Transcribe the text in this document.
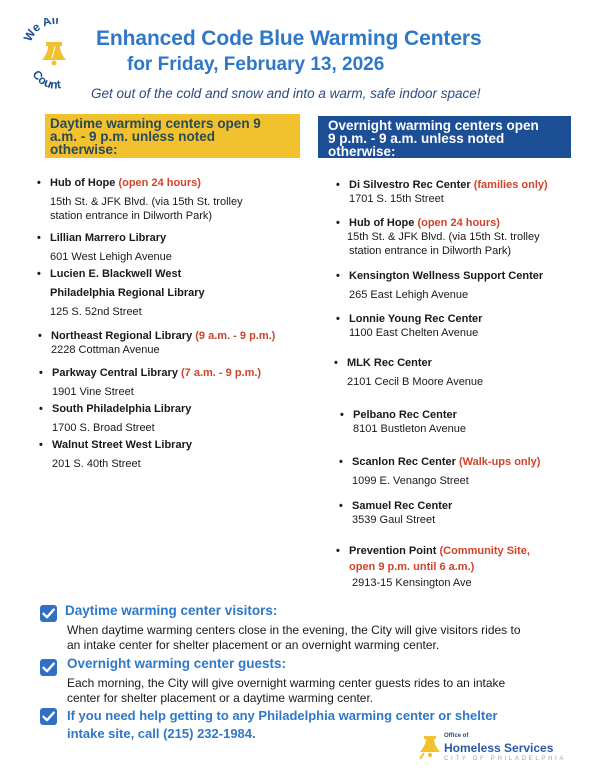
We All
Count
Enhanced Code Blue Warming Centers
for Friday, February 13, 2026
Get out of the cold and snow and into a warm, safe indoor space!
Daytime warming centers open 9
a.m. - 9 p.m. unless noted
otherwise:
Overnight warming centers open
9 p.m. - 9 a.m. unless noted
otherwise:
• Hub of Hope (open 24 hours)
15th St. & JFK Blvd. (via 15th St. trolley
station entrance in Dilworth Park)
• Lillian Marrero Library
601 West Lehigh Avenue
• Lucien E. Blackwell West
Philadelphia Regional Library
125 S. 52nd Street
• Northeast Regional Library (9 a.m. - 9 p.m.)
2228 Cottman Avenue
• Parkway Central Library (7 a.m. - 9 p.m.)
1901 Vine Street
• South Philadelphia Library
1700 S. Broad Street
• Walnut Street West Library
201 S. 40th Street
• Di Silvestro Rec Center (families only)
1701 S. 15th Street
• Hub of Hope (open 24 hours)
15th St. & JFK Blvd. (via 15th St. trolley
station entrance in Dilworth Park)
• Kensington Wellness Support Center
265 East Lehigh Avenue
• Lonnie Young Rec Center
1100 East Chelten Avenue
• MLK Rec Center
2101 Cecil B Moore Avenue
• Pelbano Rec Center
8101 Bustleton Avenue
• Scanlon Rec Center (Walk-ups only)
1099 E. Venango Street
• Samuel Rec Center
3539 Gaul Street
• Prevention Point (Community Site,
open 9 p.m. until 6 a.m.)
2913-15 Kensington Ave
Daytime warming center visitors:
When daytime warming centers close in the evening, the City will give visitors rides to
an intake center for shelter placement or an overnight warming center.
Overnight warming center guests:
Each morning, the City will give overnight warming center guests rides to an intake
center for shelter placement or a daytime warming center.
If you need help getting to any Philadelphia warming center or shelter
intake site, call (215) 232-1984.	Office of
Homeless Services
CITY OF PHILADELPHIA
